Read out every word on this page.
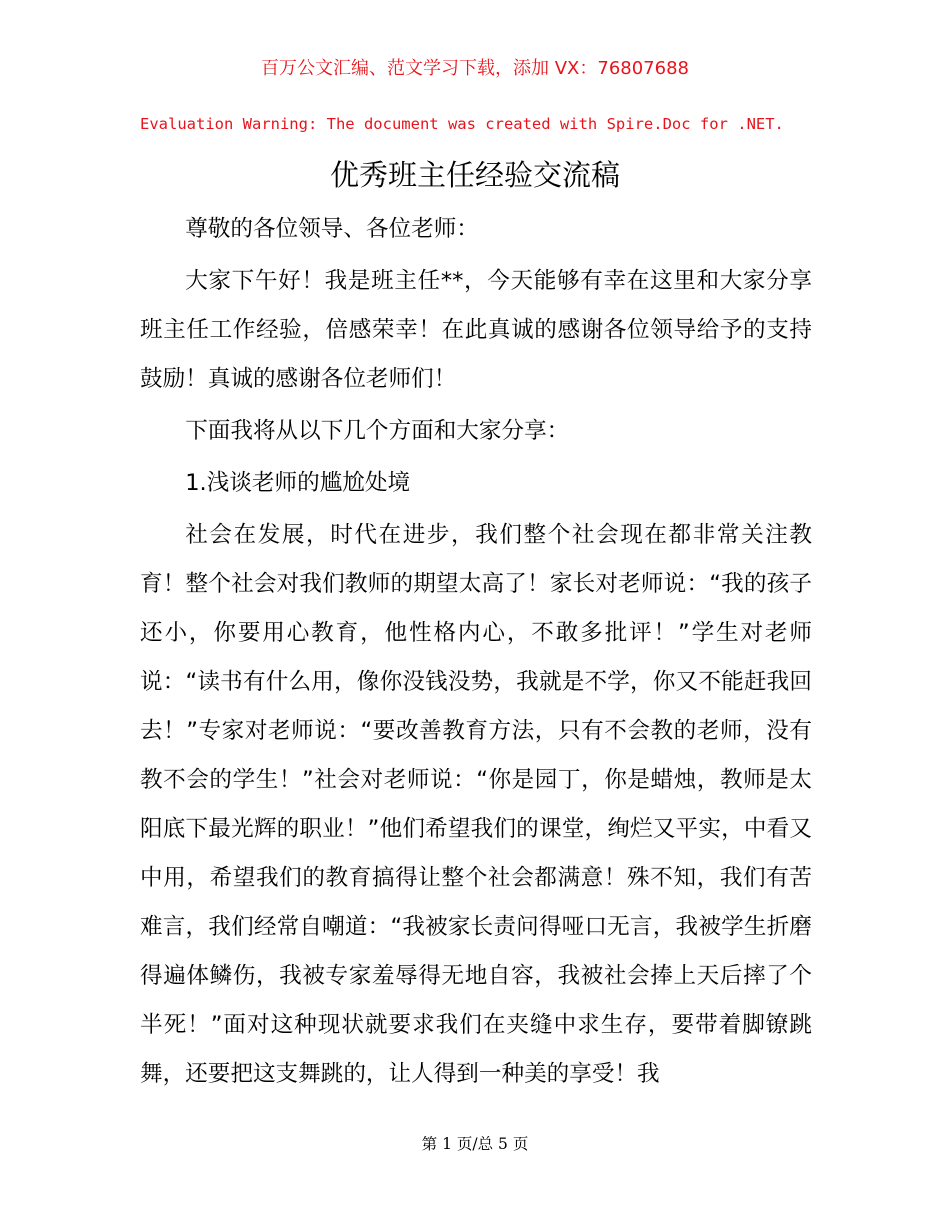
百万公文汇编、范文学习下载，添加 VX：76807688
Evaluation Warning: The document was created with Spire.Doc for .NET.
优秀班主任经验交流稿

尊敬的各位领导、各位老师：

大家下午好！我是班主任**，今天能够有幸在这里和大家分享班主任工作经验，倍感荣幸！在此真诚的感谢各位领导给予的支持鼓励！真诚的感谢各位老师们！

下面我将从以下几个方面和大家分享：

1.浅谈老师的尴尬处境

社会在发展，时代在进步，我们整个社会现在都非常关注教育！整个社会对我们教师的期望太高了！家长对老师说：“我的孩子还小，你要用心教育，他性格内心，不敢多批评！”学生对老师说：“读书有什么用，像你没钱没势，我就是不学，你又不能赶我回去！”专家对老师说：“要改善教育方法，只有不会教的老师，没有教不会的学生！”社会对老师说：“你是园丁，你是蜡烛，教师是太阳底下最光辉的职业！”他们希望我们的课堂，绚烂又平实，中看又中用，希望我们的教育搞得让整个社会都满意！殊不知，我们有苦难言，我们经常自嘲道：“我被家长责问得哑口无言，我被学生折磨得遍体鳞伤，我被专家羞辱得无地自容，我被社会捧上天后摔了个半死！”面对这种现状就要求我们在夹缝中求生存，要带着脚镣跳舞，还要把这支舞跳的，让人得到一种美的享受！我

第 1 页/总 5 页
